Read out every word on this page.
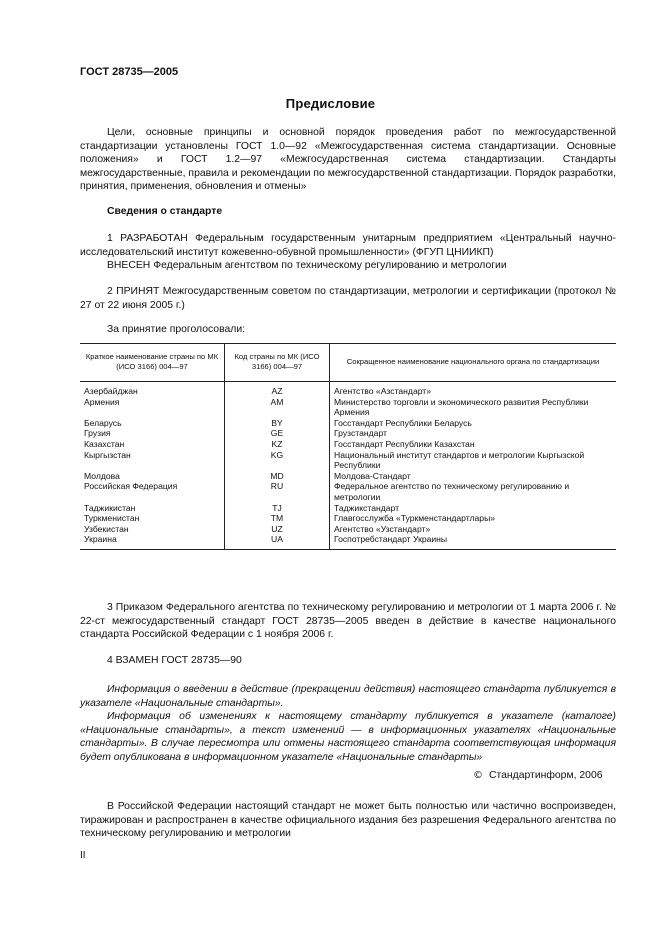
ГОСТ 28735—2005
Предисловие

Цели, основные принципы и основной порядок проведения работ по межгосударственной стандартизации установлены ГОСТ 1.0—92 «Межгосударственная система стандартизации. Основные положения» и ГОСТ 1.2—97 «Межгосударственная система стандартизации. Стандарты межгосударственные, правила и рекомендации по межгосударственной стандартизации. Порядок разработки, принятия, применения, обновления и отмены»

Сведения о стандарте

1 РАЗРАБОТАН Федеральным государственным унитарным предприятием «Центральный научно-исследовательский институт кожевенно-обувной промышленности» (ФГУП ЦНИИКП)

ВНЕСЕН Федеральным агентством по техническому регулированию и метрологии

2 ПРИНЯТ Межгосударственным советом по стандартизации, метрологии и сертификации (протокол № 27 от 22 июня 2005 г.)

За принятие проголосовали:
Краткое наименование страны по МК (ИСО 3166) 004—97	Код страны по МК (ИСО 3166) 004—97	Сокращенное наименование национального органа по стандартизации
Азербайджан	AZ	Агентство «Азстандарт»
Армения	AM	Министерство торговли и экономического развития Республики Армения
Беларусь	BY	Госстандарт Республики Беларусь
Грузия	GE	Грузстандарт
Казахстан	KZ	Госстандарт Республики Казахстан
Кыргызстан	KG	Национальный институт стандартов и метрологии Кыргызской Республики
Молдова	MD	Молдова-Стандарт
Российская Федерация	RU	Федеральное агентство по техническому регулированию и метрологии
Таджикистан	TJ	Таджикстандарт
Туркменистан	TM	Главгосслужба «Туркменстандартлары»
Узбекистан	UZ	Агентство «Узстандарт»
Украина	UA	Госпотребстандарт Украины

3 Приказом Федерального агентства по техническому регулированию и метрологии от 1 марта 2006 г. № 22-ст межгосударственный стандарт ГОСТ 28735—2005 введен в действие в качестве национального стандарта Российской Федерации с 1 ноября 2006 г.

4 ВЗАМЕН ГОСТ 28735—90

Информация о введении в действие (прекращении действия) настоящего стандарта публикуется в указателе «Национальные стандарты».

Информация об изменениях к настоящему стандарту публикуется в указателе (каталоге) «Национальные стандарты», а текст изменений — в информационных указателях «Национальные стандарты». В случае пересмотра или отмены настоящего стандарта соответствующая информация будет опубликована в информационном указателе «Национальные стандарты»

© Стандартинформ, 2006

В Российской Федерации настоящий стандарт не может быть полностью или частично воспроизведен, тиражирован и распространен в качестве официального издания без разрешения Федерального агентства по техническому регулированию и метрологии

II
